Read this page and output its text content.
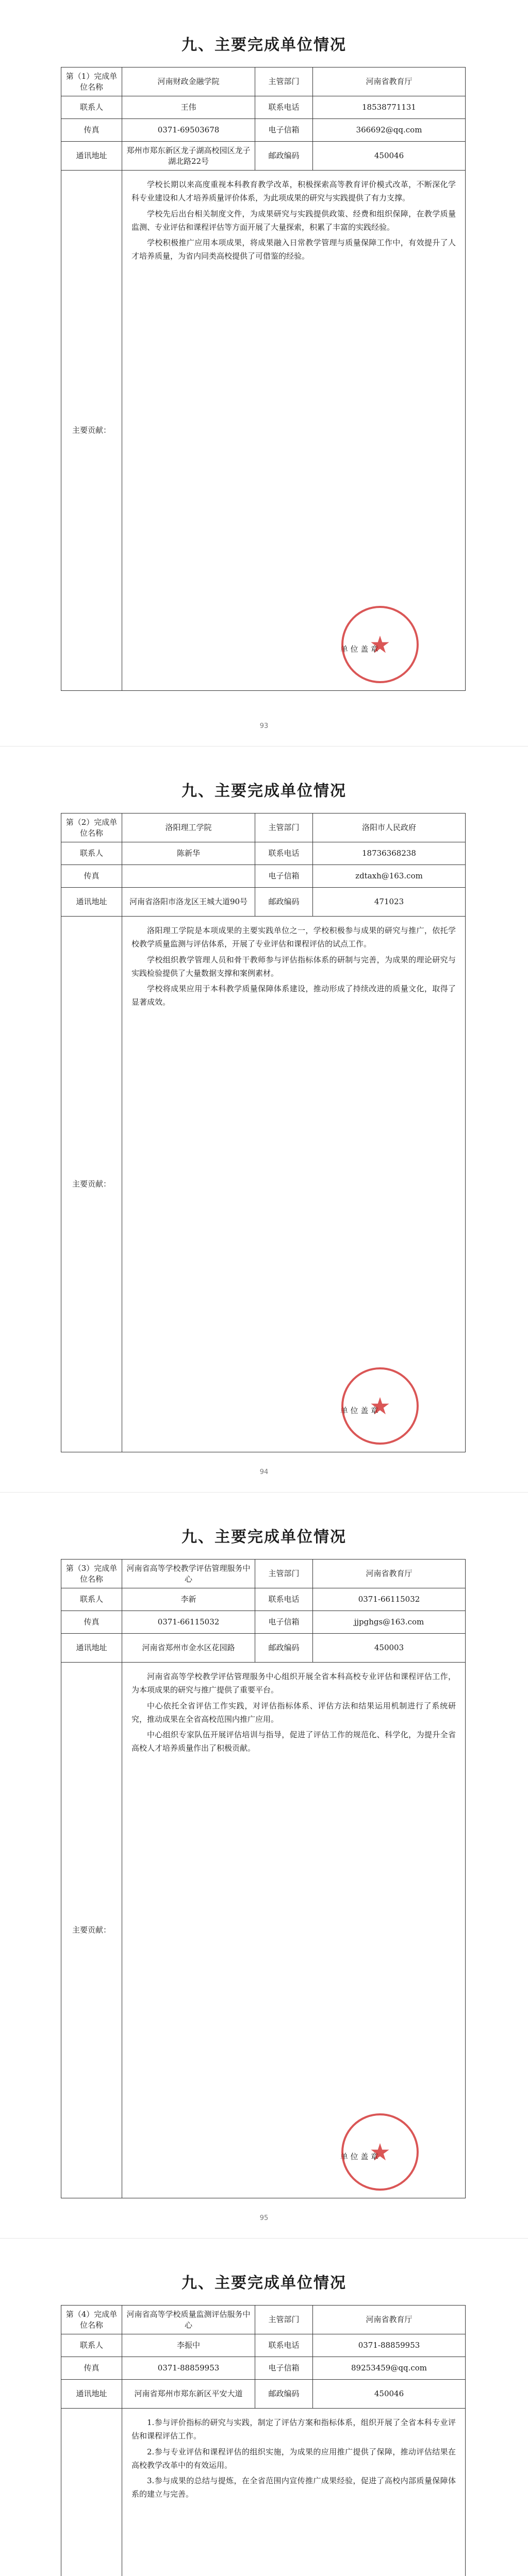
九、主要完成单位情况
第（1）完成单位名称	河南财政金融学院	主管部门	河南省教育厅
联系人	王伟	联系电话	18538771131
传真	0371-69503678	电子信箱	366692@qq.com
通讯地址	郑州市郑东新区龙子湖高校园区龙子湖北路22号	邮政编码	450046
主要贡献：	学校长期以来高度重视本科教育教学改革，积极探索高等教育评价模式改革，不断深化学科专业建设和人才培养质量评价体系，为此项成果的研究与实践提供了有力支撑。

学校先后出台相关制度文件，为成果研究与实践提供政策、经费和组织保障，在教学质量监测、专业评估和课程评估等方面开展了大量探索，积累了丰富的实践经验。

学校积极推广应用本项成果，将成果融入日常教学管理与质量保障工作中，有效提升了人才培养质量，为省内同类高校提供了可借鉴的经验。

单 位 盖 章
★		
93
九、主要完成单位情况
第（2）完成单位名称	洛阳理工学院	主管部门	洛阳市人民政府
联系人	陈新华	联系电话	18736368238
传真		电子信箱	zdtaxh@163.com
通讯地址	河南省洛阳市洛龙区王城大道90号	邮政编码	471023
主要贡献：	洛阳理工学院是本项成果的主要实践单位之一，学校积极参与成果的研究与推广，依托学校教学质量监测与评估体系，开展了专业评估和课程评估的试点工作。

学校组织教学管理人员和骨干教师参与评估指标体系的研制与完善，为成果的理论研究与实践检验提供了大量数据支撑和案例素材。

学校将成果应用于本科教学质量保障体系建设，推动形成了持续改进的质量文化，取得了显著成效。

单 位 盖 章
★		
94
九、主要完成单位情况
第（3）完成单位名称	河南省高等学校教学评估管理服务中心	主管部门	河南省教育厅
联系人	李新	联系电话	0371-66115032
传真	0371-66115032	电子信箱	jjpghgs@163.com
通讯地址	河南省郑州市金水区花园路	邮政编码	450003
主要贡献：	河南省高等学校教学评估管理服务中心组织开展全省本科高校专业评估和课程评估工作，为本项成果的研究与推广提供了重要平台。

中心依托全省评估工作实践，对评估指标体系、评估方法和结果运用机制进行了系统研究，推动成果在全省高校范围内推广应用。

中心组织专家队伍开展评估培训与指导，促进了评估工作的规范化、科学化，为提升全省高校人才培养质量作出了积极贡献。

单 位 盖 章
★		
95
九、主要完成单位情况
第（4）完成单位名称	河南省高等学校质量监测评估服务中心	主管部门	河南省教育厅
联系人	李振中	联系电话	0371-88859953
传真	0371-88859953	电子信箱	89253459@qq.com
通讯地址	河南省郑州市郑东新区平安大道	邮政编码	450046

1.参与评价指标的研究与实践，制定了评估方案和指标体系，组织开展了全省本科专业评估和课程评估工作。

2.参与专业评估和课程评估的组织实施，为成果的应用推广提供了保障，推动评估结果在高校教学改革中的有效运用。

3.参与成果的总结与提炼，在全省范围内宣传推广成果经验，促进了高校内部质量保障体系的建立与完善。		
